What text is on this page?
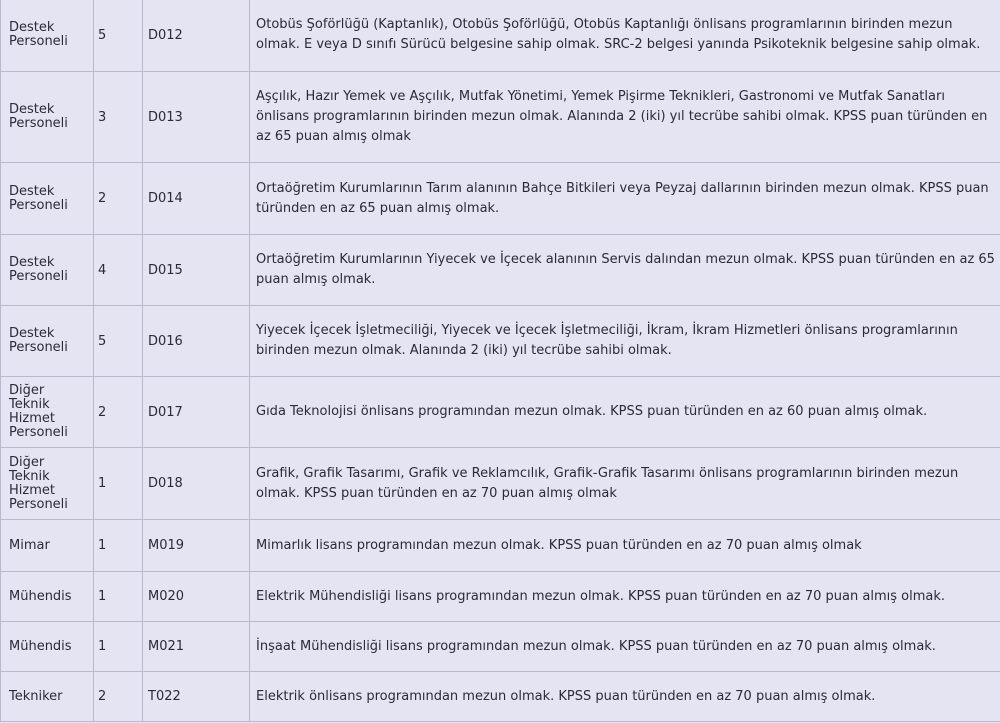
Destek Personeli	5	D012	Otobüs Şoförlüğü (Kaptanlık), Otobüs Şoförlüğü, Otobüs Kaptanlığı önlisans programlarının birinden mezun olmak. E veya D sınıfı Sürücü belgesine sahip olmak. SRC-2 belgesi yanında Psikoteknik belgesine sahip olmak.
Destek Personeli	3	D013	Aşçılık, Hazır Yemek ve Aşçılık, Mutfak Yönetimi, Yemek Pişirme Teknikleri, Gastronomi ve Mutfak Sanatları önlisans programlarının birinden mezun olmak. Alanında 2 (iki) yıl tecrübe sahibi olmak. KPSS puan türünden en az 65 puan almış olmak
Destek Personeli	2	D014	Ortaöğretim Kurumlarının Tarım alanının Bahçe Bitkileri veya Peyzaj dallarının birinden mezun olmak. KPSS puan türünden en az 65 puan almış olmak.
Destek Personeli	4	D015	Ortaöğretim Kurumlarının Yiyecek ve İçecek alanının Servis dalından mezun olmak. KPSS puan türünden en az 65 puan almış olmak.
Destek Personeli	5	D016	Yiyecek İçecek İşletmeciliği, Yiyecek ve İçecek İşletmeciliği, İkram, İkram Hizmetleri önlisans programlarının birinden mezun olmak. Alanında 2 (iki) yıl tecrübe sahibi olmak.
Diğer Teknik Hizmet Personeli	2	D017	Gıda Teknolojisi önlisans programından mezun olmak. KPSS puan türünden en az 60 puan almış olmak.
Diğer Teknik Hizmet Personeli	1	D018	Grafik, Grafik Tasarımı, Grafik ve Reklamcılık, Grafik-Grafik Tasarımı önlisans programlarının birinden mezun olmak. KPSS puan türünden en az 70 puan almış olmak
Mimar	1	M019	Mimarlık lisans programından mezun olmak. KPSS puan türünden en az 70 puan almış olmak
Mühendis	1	M020	Elektrik Mühendisliği lisans programından mezun olmak. KPSS puan türünden en az 70 puan almış olmak.
Mühendis	1	M021	İnşaat Mühendisliği lisans programından mezun olmak. KPSS puan türünden en az 70 puan almış olmak.
Tekniker	2	T022	Elektrik önlisans programından mezun olmak. KPSS puan türünden en az 70 puan almış olmak.
